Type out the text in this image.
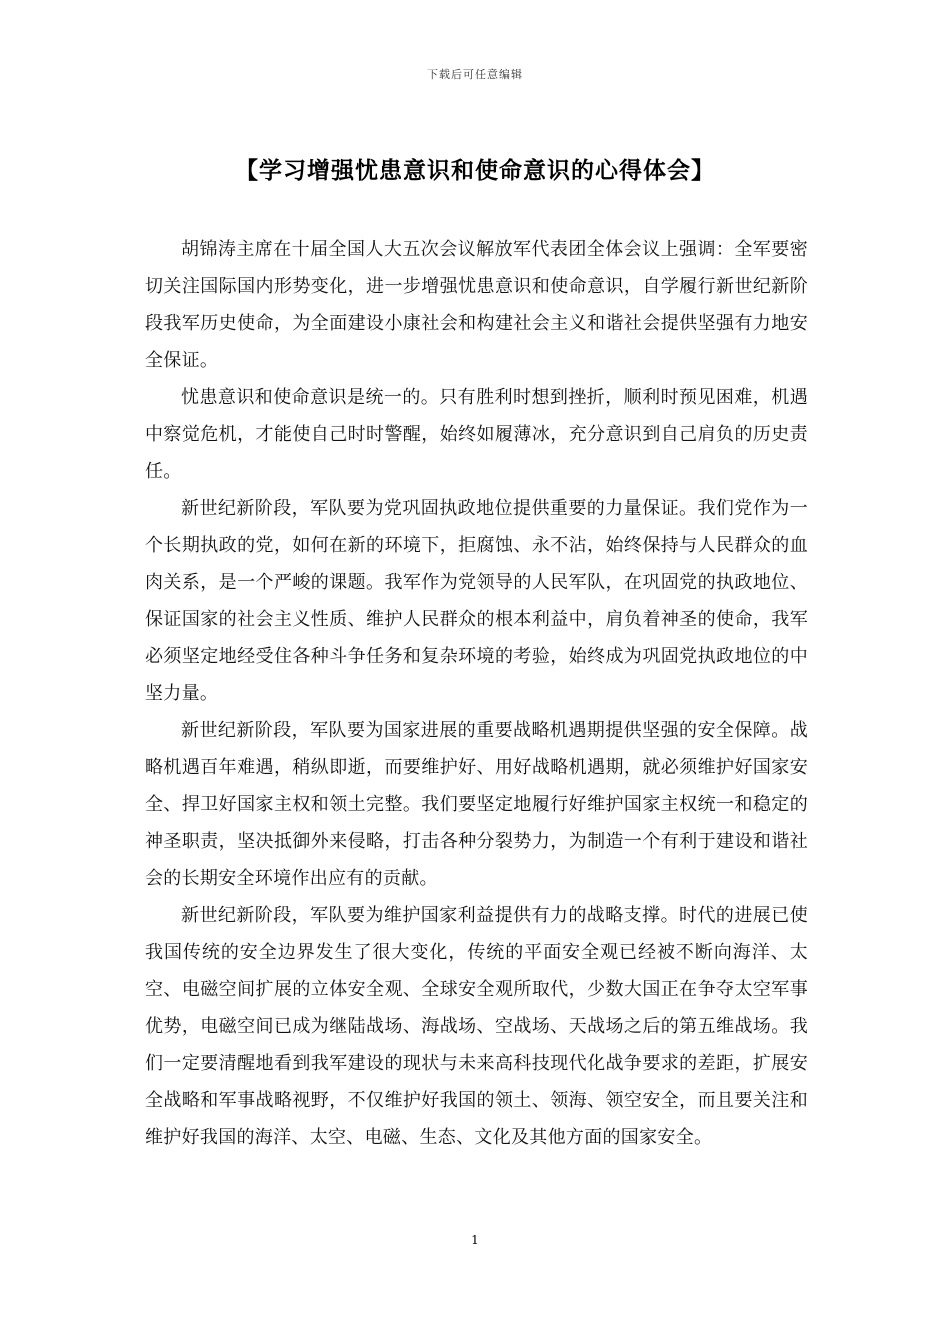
下载后可任意编辑
【学习增强忧患意识和使命意识的心得体会】

胡锦涛主席在十届全国人大五次会议解放军代表团全体会议上强调：全军要密切关注国际国内形势变化，进一步增强忧患意识和使命意识，自学履行新世纪新阶段我军历史使命，为全面建设小康社会和构建社会主义和谐社会提供坚强有力地安全保证。

忧患意识和使命意识是统一的。只有胜利时想到挫折，顺利时预见困难，机遇中察觉危机，才能使自己时时警醒，始终如履薄冰，充分意识到自己肩负的历史责任。

新世纪新阶段，军队要为党巩固执政地位提供重要的力量保证。我们党作为一个长期执政的党，如何在新的环境下，拒腐蚀、永不沾，始终保持与人民群众的血肉关系，是一个严峻的课题。我军作为党领导的人民军队，在巩固党的执政地位、保证国家的社会主义性质、维护人民群众的根本利益中，肩负着神圣的使命，我军必须坚定地经受住各种斗争任务和复杂环境的考验，始终成为巩固党执政地位的中坚力量。

新世纪新阶段，军队要为国家进展的重要战略机遇期提供坚强的安全保障。战略机遇百年难遇，稍纵即逝，而要维护好、用好战略机遇期，就必须维护好国家安全、捍卫好国家主权和领土完整。我们要坚定地履行好维护国家主权统一和稳定的神圣职责，坚决抵御外来侵略，打击各种分裂势力，为制造一个有利于建设和谐社会的长期安全环境作出应有的贡献。

新世纪新阶段，军队要为维护国家利益提供有力的战略支撑。时代的进展已使我国传统的安全边界发生了很大变化，传统的平面安全观已经被不断向海洋、太空、电磁空间扩展的立体安全观、全球安全观所取代，少数大国正在争夺太空军事优势，电磁空间已成为继陆战场、海战场、空战场、天战场之后的第五维战场。我们一定要清醒地看到我军建设的现状与未来高科技现代化战争要求的差距，扩展安全战略和军事战略视野，不仅维护好我国的领土、领海、领空安全，而且要关注和维护好我国的海洋、太空、电磁、生态、文化及其他方面的国家安全。

1
